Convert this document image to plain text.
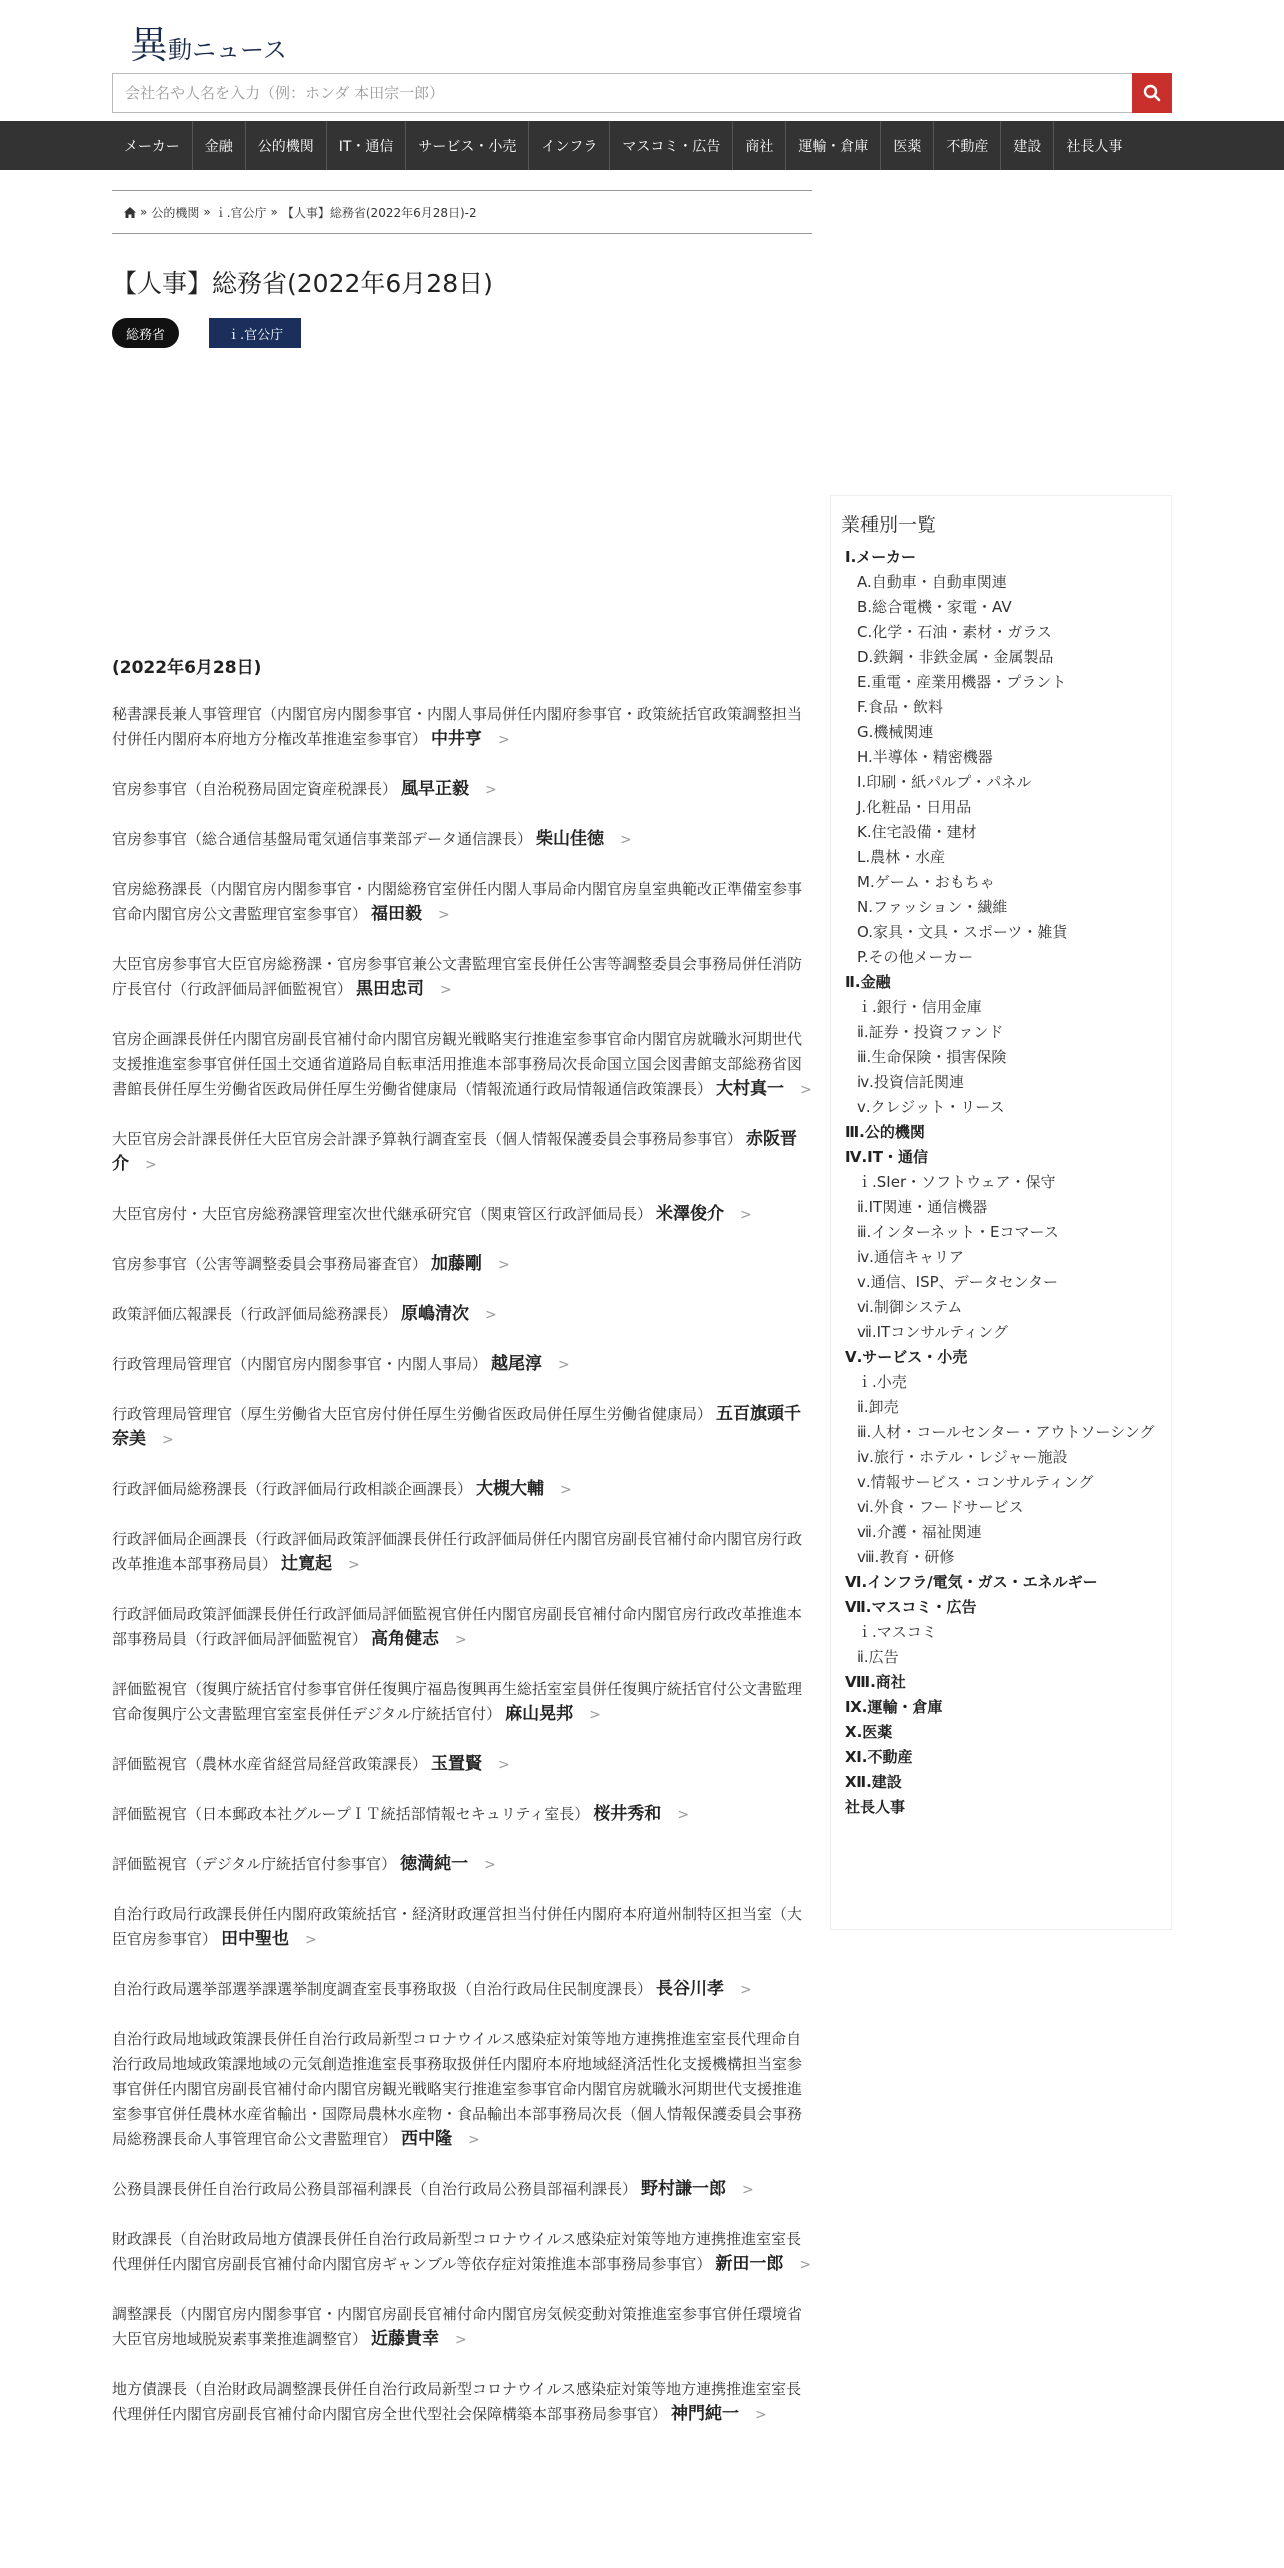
異動ニュース
会社名や人名を入力（例：ホンダ 本田宗一郎）
メーカー	金融	公的機関	IT・通信	サービス・小売	インフラ	マスコミ・広告	商社	運輸・倉庫	医薬	不動産	建設	社長人事
» 公的機関 » ｉ.官公庁 » 【人事】総務省(2022年6月28日)-2
【人事】総務省(2022年6月28日)
総務省	ｉ.官公庁
(2022年6月28日)

秘書課長兼人事管理官（内閣官房内閣参事官・内閣人事局併任内閣府参事官・政策統括官政策調整担当付併任内閣府本府地方分権改革推進室参事官） 中井亨 >

官房参事官（自治税務局固定資産税課長） 風早正毅 >

官房参事官（総合通信基盤局電気通信事業部データ通信課長） 柴山佳徳 >

官房総務課長（内閣官房内閣参事官・内閣総務官室併任内閣人事局命内閣官房皇室典範改正準備室参事官命内閣官房公文書監理官室参事官） 福田毅 >

大臣官房参事官大臣官房総務課・官房参事官兼公文書監理官室長併任公害等調整委員会事務局併任消防庁長官付（行政評価局評価監視官） 黒田忠司 >

官房企画課長併任内閣官房副長官補付命内閣官房観光戦略実行推進室参事官命内閣官房就職氷河期世代支援推進室参事官併任国土交通省道路局自転車活用推進本部事務局次長命国立国会図書館支部総務省図書館長併任厚生労働省医政局併任厚生労働省健康局（情報流通行政局情報通信政策課長） 大村真一 >

大臣官房会計課長併任大臣官房会計課予算執行調査室長（個人情報保護委員会事務局参事官） 赤阪晋介 >

大臣官房付・大臣官房総務課管理室次世代継承研究官（関東管区行政評価局長） 米澤俊介 >

官房参事官（公害等調整委員会事務局審査官） 加藤剛 >

政策評価広報課長（行政評価局総務課長） 原嶋清次 >

行政管理局管理官（内閣官房内閣参事官・内閣人事局） 越尾淳 >

行政管理局管理官（厚生労働省大臣官房付併任厚生労働省医政局併任厚生労働省健康局） 五百旗頭千奈美 >

行政評価局総務課長（行政評価局行政相談企画課長） 大槻大輔 >

行政評価局企画課長（行政評価局政策評価課長併任行政評価局併任内閣官房副長官補付命内閣官房行政改革推進本部事務局員） 辻寛起 >

行政評価局政策評価課長併任行政評価局評価監視官併任内閣官房副長官補付命内閣官房行政改革推進本部事務局員（行政評価局評価監視官） 高角健志 >

評価監視官（復興庁統括官付参事官併任復興庁福島復興再生総括室室員併任復興庁統括官付公文書監理官命復興庁公文書監理官室室長併任デジタル庁統括官付） 麻山晃邦 >

評価監視官（農林水産省経営局経営政策課長） 玉置賢 >

評価監視官（日本郵政本社グループＩＴ統括部情報セキュリティ室長） 桜井秀和 >

評価監視官（デジタル庁統括官付参事官） 徳満純一 >

自治行政局行政課長併任内閣府政策統括官・経済財政運営担当付併任内閣府本府道州制特区担当室（大臣官房参事官） 田中聖也 >

自治行政局選挙部選挙課選挙制度調査室長事務取扱（自治行政局住民制度課長） 長谷川孝 >

自治行政局地域政策課長併任自治行政局新型コロナウイルス感染症対策等地方連携推進室室長代理命自治行政局地域政策課地域の元気創造推進室長事務取扱併任内閣府本府地域経済活性化支援機構担当室参事官併任内閣官房副長官補付命内閣官房観光戦略実行推進室参事官命内閣官房就職氷河期世代支援推進室参事官併任農林水産省輸出・国際局農林水産物・食品輸出本部事務局次長（個人情報保護委員会事務局総務課長命人事管理官命公文書監理官） 西中隆 >

公務員課長併任自治行政局公務員部福利課長（自治行政局公務員部福利課長） 野村謙一郎 >

財政課長（自治財政局地方債課長併任自治行政局新型コロナウイルス感染症対策等地方連携推進室室長代理併任内閣官房副長官補付命内閣官房ギャンブル等依存症対策推進本部事務局参事官） 新田一郎 >

調整課長（内閣官房内閣参事官・内閣官房副長官補付命内閣官房気候変動対策推進室参事官併任環境省大臣官房地域脱炭素事業推進調整官） 近藤貴幸 >

地方債課長（自治財政局調整課長併任自治行政局新型コロナウイルス感染症対策等地方連携推進室室長代理併任内閣官房副長官補付命内閣官房全世代型社会保障構築本部事務局参事官） 神門純一 >

業種別一覧
Ⅰ.メーカー
A.自動車・自動車関連
B.総合電機・家電・AV
C.化学・石油・素材・ガラス
D.鉄鋼・非鉄金属・金属製品
E.重電・産業用機器・プラント
F.食品・飲料
G.機械関連
H.半導体・精密機器
I.印刷・紙パルプ・パネル
J.化粧品・日用品
K.住宅設備・建材
L.農林・水産
M.ゲーム・おもちゃ
N.ファッション・繊維
O.家具・文具・スポーツ・雑貨
P.その他メーカー
Ⅱ.金融
ｉ.銀行・信用金庫
ⅱ.証券・投資ファンド
ⅲ.生命保険・損害保険
ⅳ.投資信託関連
ⅴ.クレジット・リース
Ⅲ.公的機関
Ⅳ.IT・通信
ｉ.SIer・ソフトウェア・保守
ⅱ.IT関連・通信機器
ⅲ.インターネット・Eコマース
ⅳ.通信キャリア
ⅴ.通信、ISP、データセンター
ⅵ.制御システム
ⅶ.ITコンサルティング
Ⅴ.サービス・小売
ｉ.小売
ⅱ.卸売
ⅲ.人材・コールセンター・アウトソーシング
ⅳ.旅行・ホテル・レジャー施設
ⅴ.情報サービス・コンサルティング
ⅵ.外食・フードサービス
ⅶ.介護・福祉関連
ⅷ.教育・研修
Ⅵ.インフラ/電気・ガス・エネルギー
Ⅶ.マスコミ・広告
ｉ.マスコミ
ⅱ.広告
Ⅷ.商社
Ⅸ.運輸・倉庫
Ⅹ.医薬
Ⅺ.不動産
Ⅻ.建設
社長人事
